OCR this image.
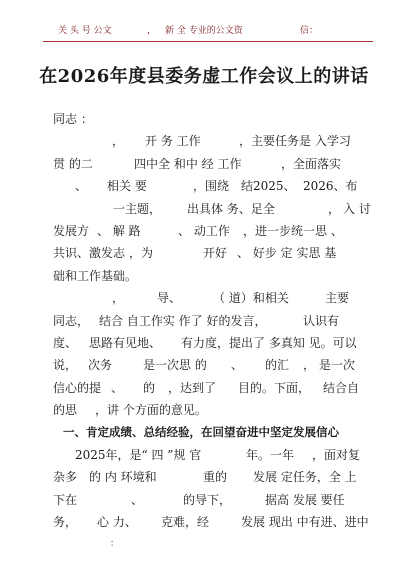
关 头 号 公文	， 新 全 专业的公文资	信：
在2026年度县委务虚工作会议上的讲话
同志 ：
， 开 务 工作	，主要任务是 入学习
贯 的二	四中全 和中 经 工作	，全面落实
、 相关 要	，围绕 结2025、 2026、布
一主题， 出具体 务、足全	， 入 讨
发展方 、 解 路	、 动工作 ，进一步统一思 、
共识、激发志 ，为	开好 、 好步 定 实思 基
础和工作基础。
，	导、	（ 道）和相关	主要
同志， 结合 自工作实 作了 好的发言，	认识有
度、 思路有见地、 有力度，提出了 多真知 见。可以
说， 次务	是一次思 的 、 的汇 ， 是一次
信心的提 、 的 ，达到了 目的。下面， 结合自
的思 ，讲 个方面的意见。
一、肯定成绩、总结经验，在回望奋进中坚定发展信心
2025年，是“ 四 ”规 官	年。一年 ，面对复
杂多 的 内 环境和	重的 发展 定任务，全 上
下在	、	的导下，	据高 发展 要任
务， 心 力、 克难，经	发展 现出 中有进、进中
：
